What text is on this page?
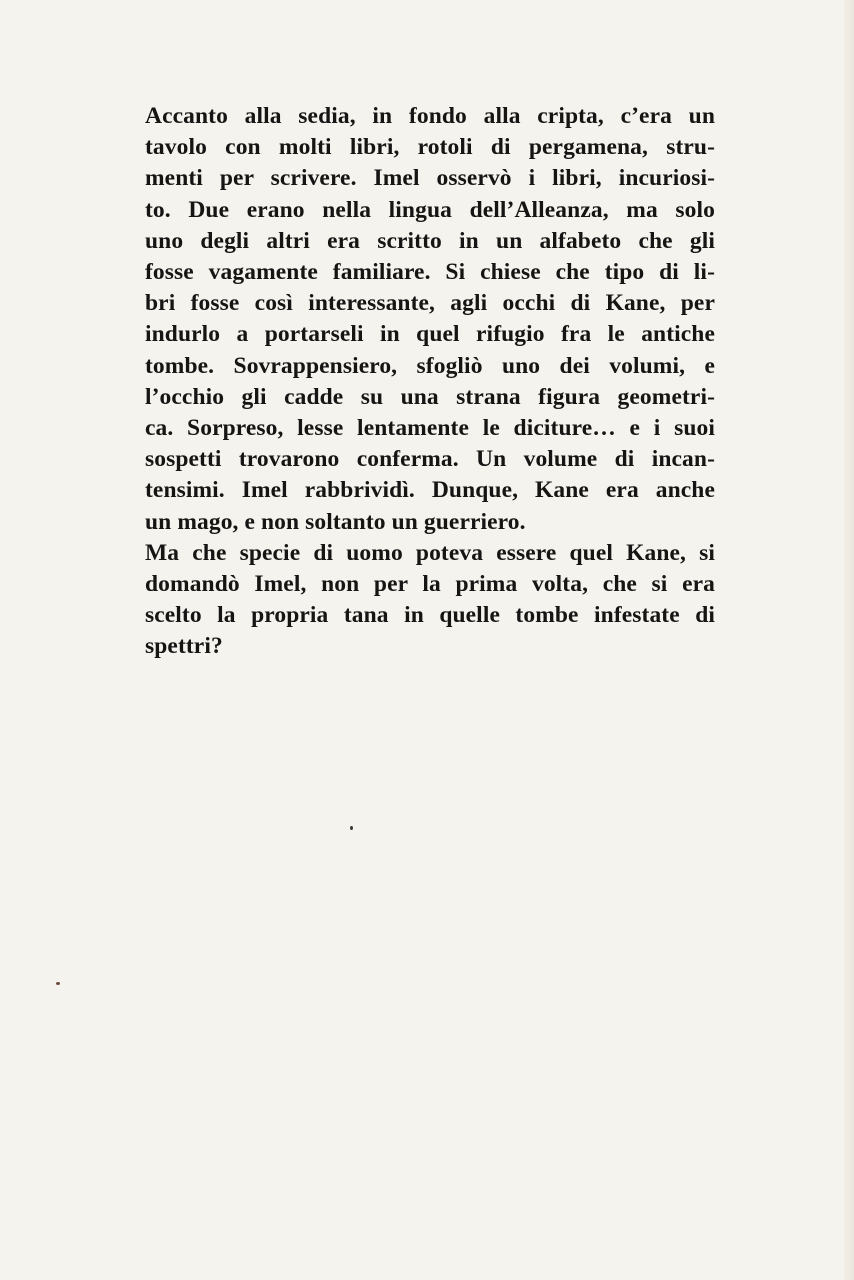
Accanto alla sedia, in fondo alla cripta, c’era un
tavolo con molti libri, rotoli di pergamena, stru-
menti per scrivere. Imel osservò i libri, incuriosi-
to. Due erano nella lingua dell’Alleanza, ma solo
uno degli altri era scritto in un alfabeto che gli
fosse vagamente familiare. Si chiese che tipo di li-
bri fosse così interessante, agli occhi di Kane, per
indurlo a portarseli in quel rifugio fra le antiche
tombe. Sovrappensiero, sfogliò uno dei volumi, e
l’occhio gli cadde su una strana figura geometri-
ca. Sorpreso, lesse lentamente le diciture… e i suoi
sospetti trovarono conferma. Un volume di incan-
tensimi. Imel rabbrividì. Dunque, Kane era anche
un mago, e non soltanto un guerriero.
Ma che specie di uomo poteva essere quel Kane, si
domandò Imel, non per la prima volta, che si era
scelto la propria tana in quelle tombe infestate di
spettri?
